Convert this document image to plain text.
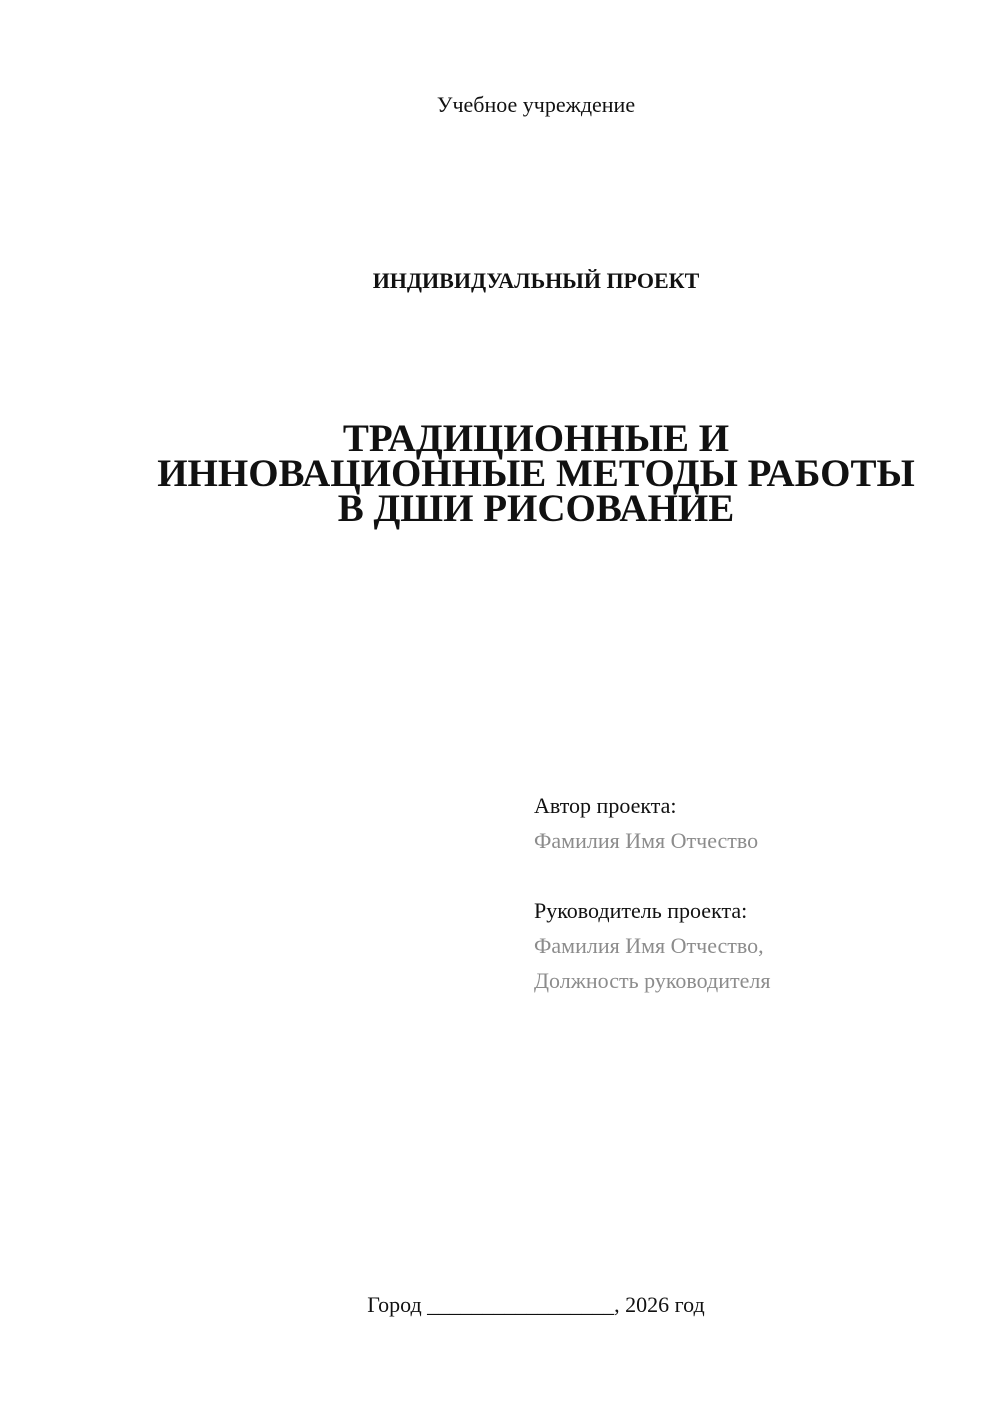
Учебное учреждение
ИНДИВИДУАЛЬНЫЙ ПРОЕКТ
ТРАДИЦИОННЫЕ И
ИННОВАЦИОННЫЕ МЕТОДЫ РАБОТЫ
В ДШИ РИСОВАНИЕ
Автор проекта:
Фамилия Имя Отчество
Руководитель проекта:
Фамилия Имя Отчество,
Должность руководителя
Город _________________, 2026 год
